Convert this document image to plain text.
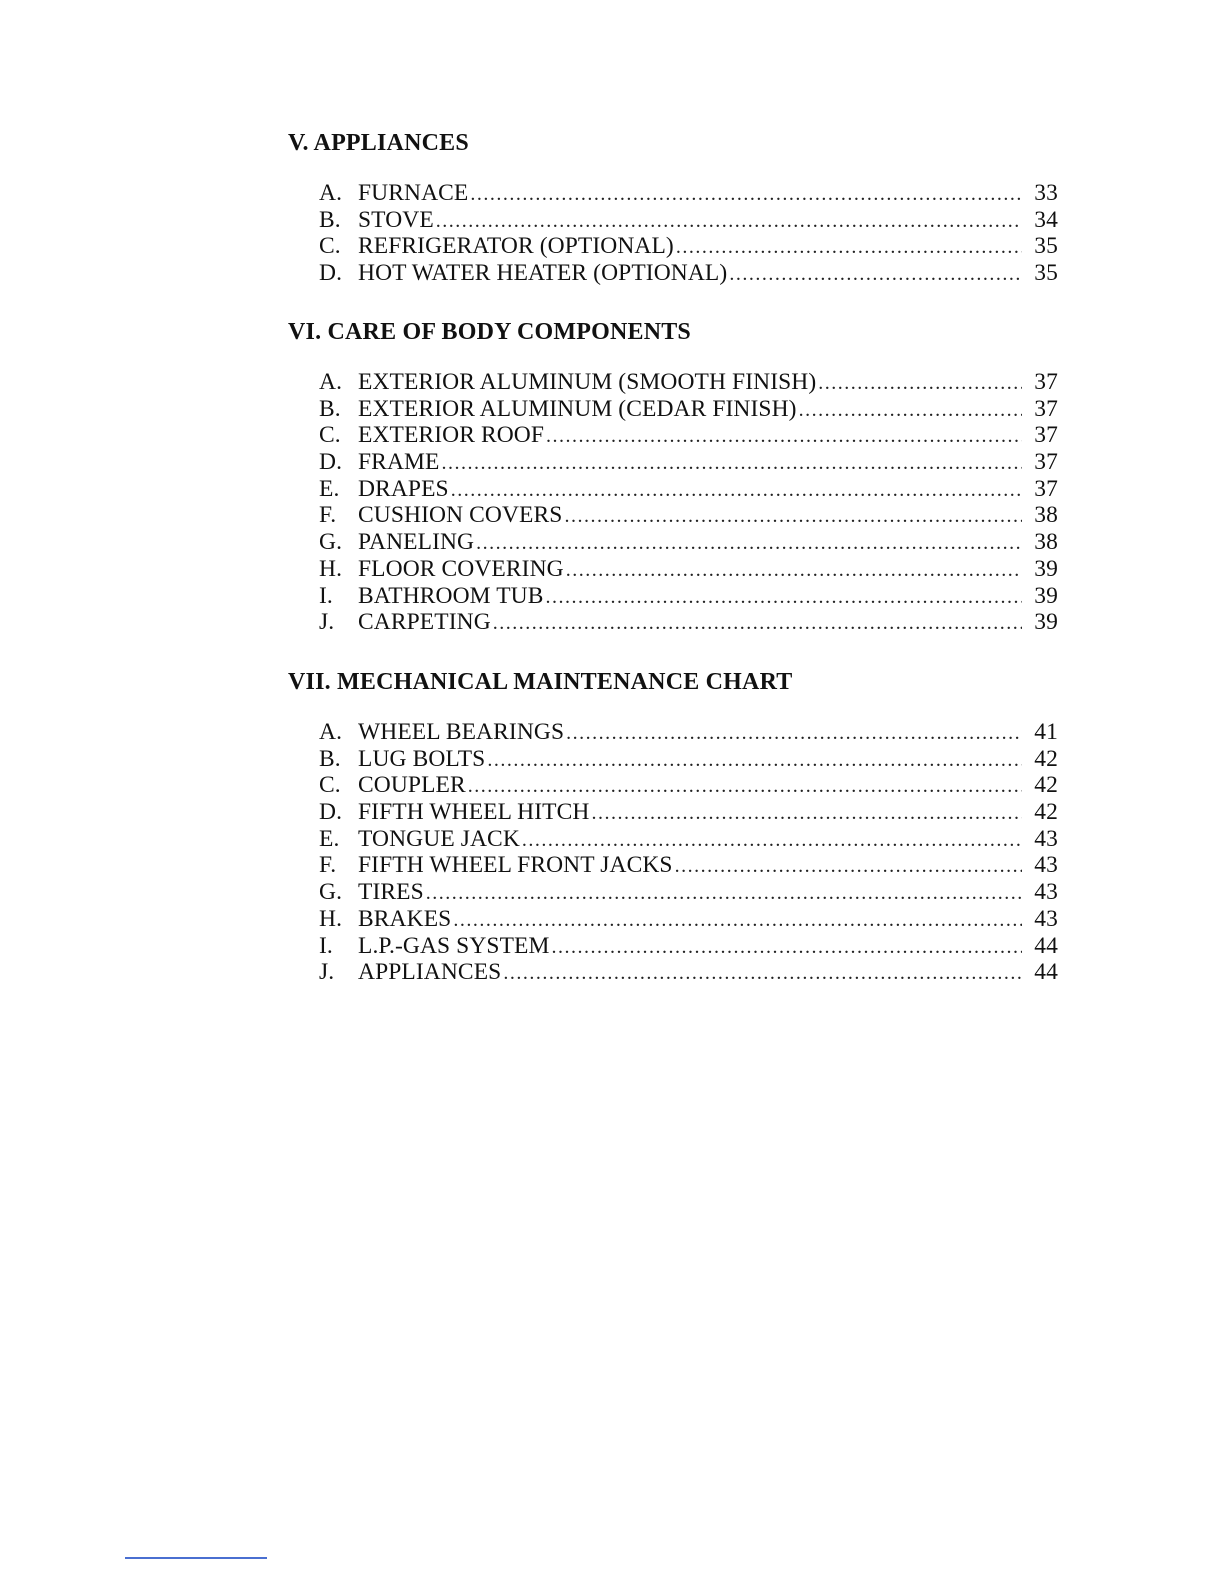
V. APPLIANCES
A. FURNACE .....	33
B. STOVE .....	34
C. REFRIGERATOR (OPTIONAL) .....	35
D. HOT WATER HEATER (OPTIONAL) .....	35
VI. CARE OF BODY COMPONENTS
A. EXTERIOR ALUMINUM (SMOOTH FINISH) .....	37
B. EXTERIOR ALUMINUM (CEDAR FINISH) .....	37
C. EXTERIOR ROOF .....	37
D. FRAME .....	37
E. DRAPES .....	37
F. CUSHION COVERS .....	38
G. PANELING .....	38
H. FLOOR COVERING .....	39
I.	BATHROOM TUB .....	39
J.	CARPETING .....	39
VII. MECHANICAL MAINTENANCE CHART
A. WHEEL BEARINGS .....	41
B. LUG BOLTS .....	42
C. COUPLER .....	42
D. FIFTH WHEEL HITCH .....	42
E. TONGUE JACK .....	43
F. FIFTH WHEEL FRONT JACKS .....	43
G. TIRES .....	43
H. BRAKES .....	43
I.	L.P.-GAS SYSTEM .....	44
J.	APPLIANCES .....	44
